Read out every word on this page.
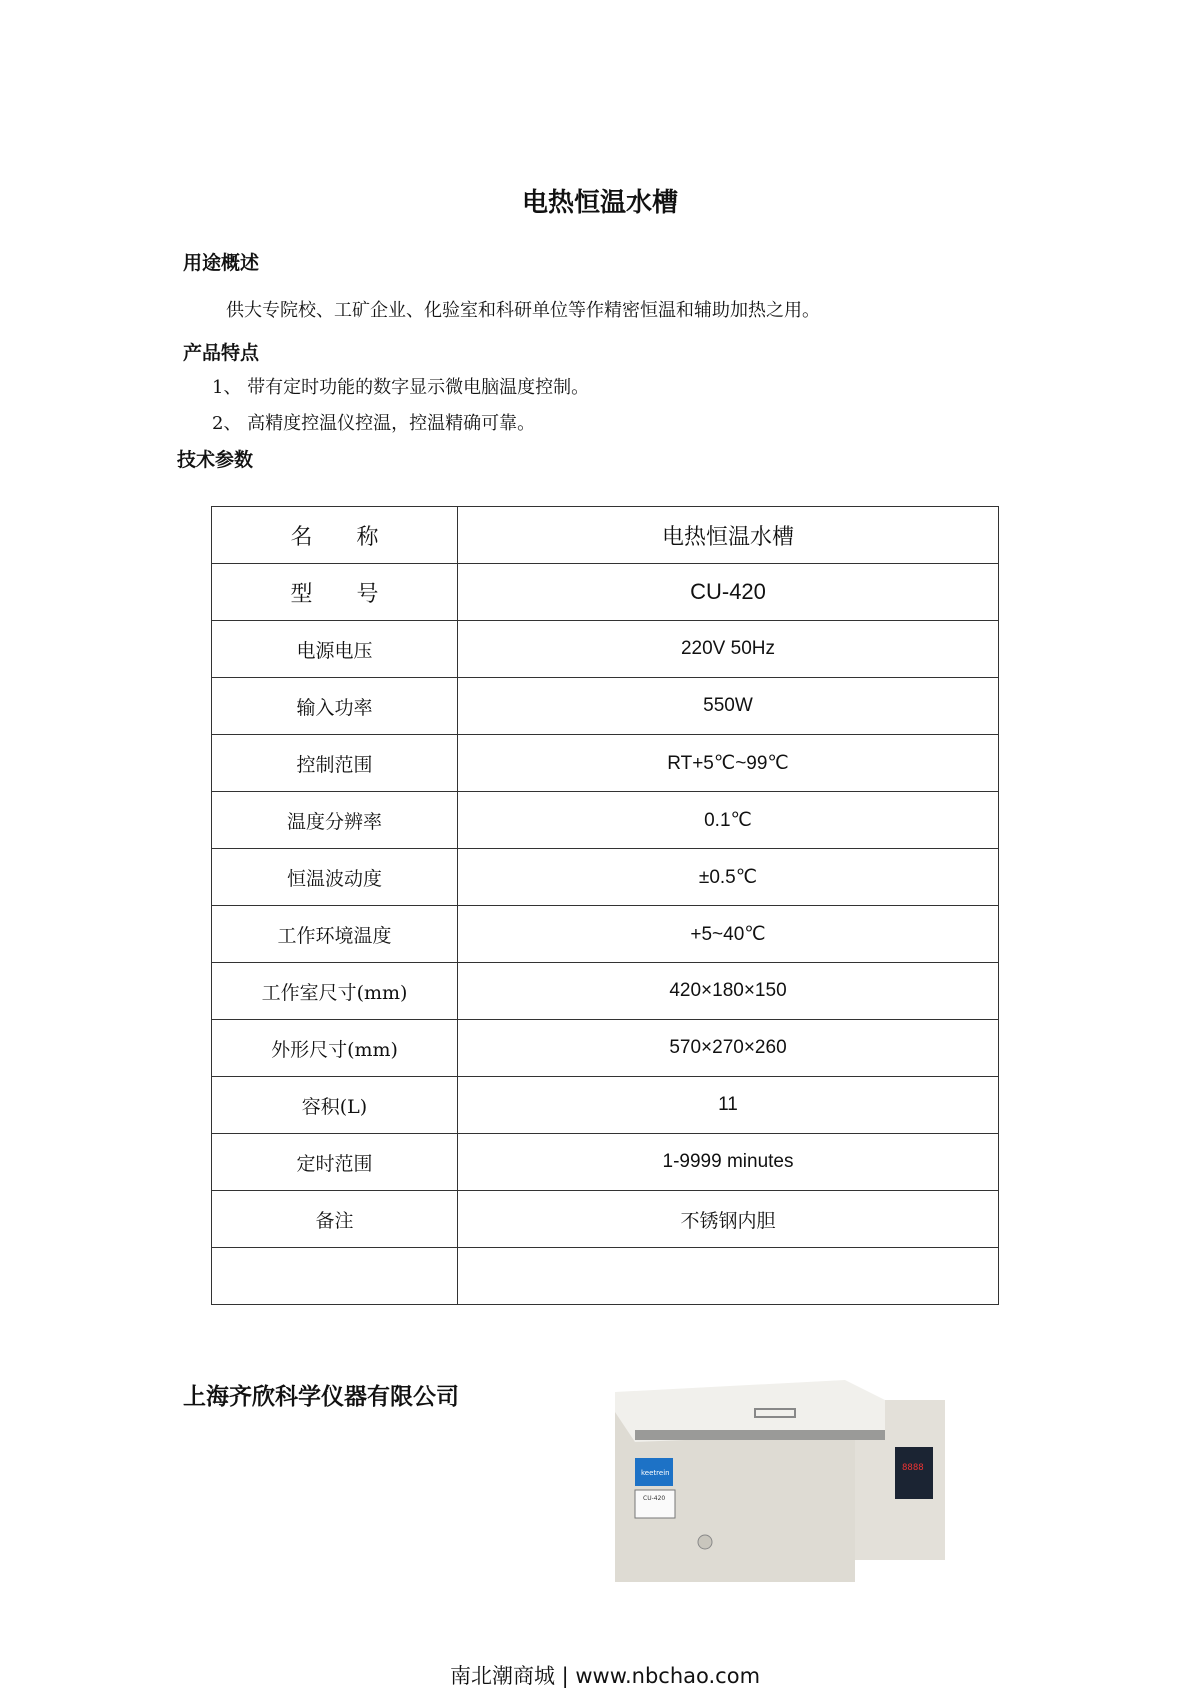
电热恒温水槽
用途概述
供大专院校、工矿企业、化验室和科研单位等作精密恒温和辅助加热之用。
产品特点
1、 带有定时功能的数字显示微电脑温度控制。
2、 高精度控温仪控温，控温精确可靠。
技术参数
名　　称	电热恒温水槽
型　　号	CU-420
电源电压	220V 50Hz
输入功率	550W
控制范围	RT+5℃~99℃
温度分辨率	0.1℃
恒温波动度	±0.5℃
工作环境温度	+5~40℃
工作室尺寸(mm)	420×180×150
外形尺寸(mm)	570×270×260
容积(L)	11
定时范围	1-9999 minutes
备注	不锈钢内胆

上海齐欣科学仪器有限公司
8888
keetrein
CU-420
南北潮商城 | www.nbchao.com
